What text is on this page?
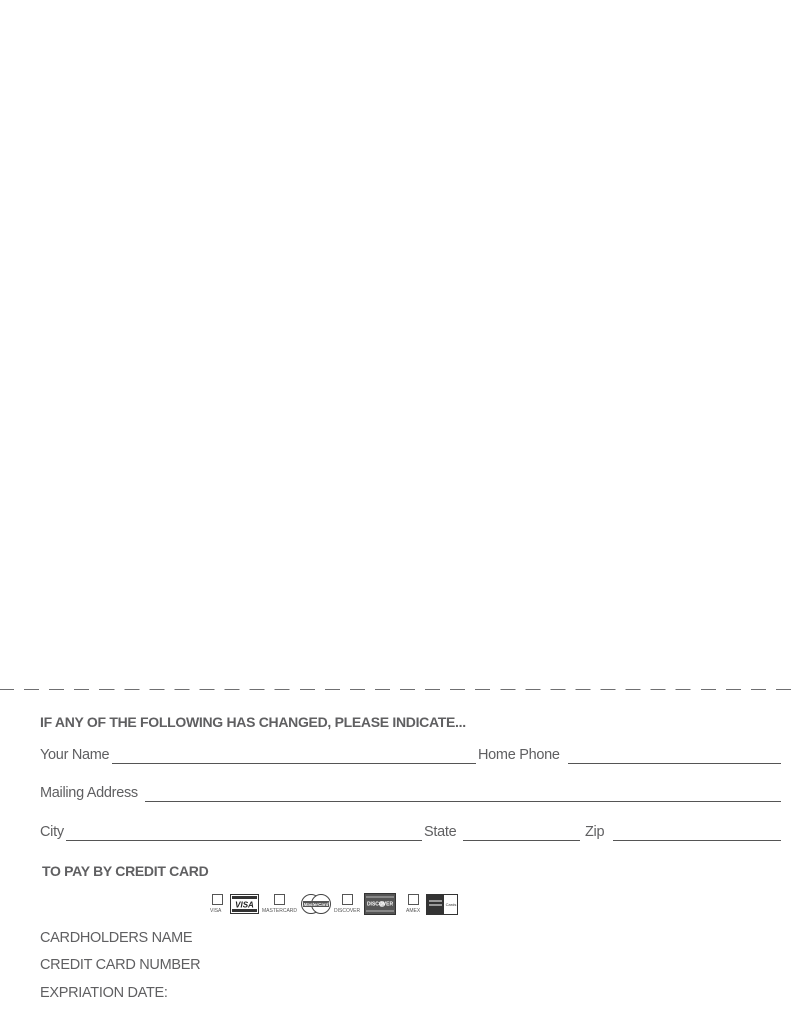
IF ANY OF THE FOLLOWING HAS CHANGED, PLEASE INDICATE...
Your Name	Home Phone
Mailing Address
City	State	Zip
TO PAY BY CREDIT CARD
VISA
VISA
MASTERCARD
MasterCard
DISCOVER
DISCOVER
AMEX
Cards
CARDHOLDERS NAME
CREDIT CARD NUMBER
EXPRIATION DATE:
